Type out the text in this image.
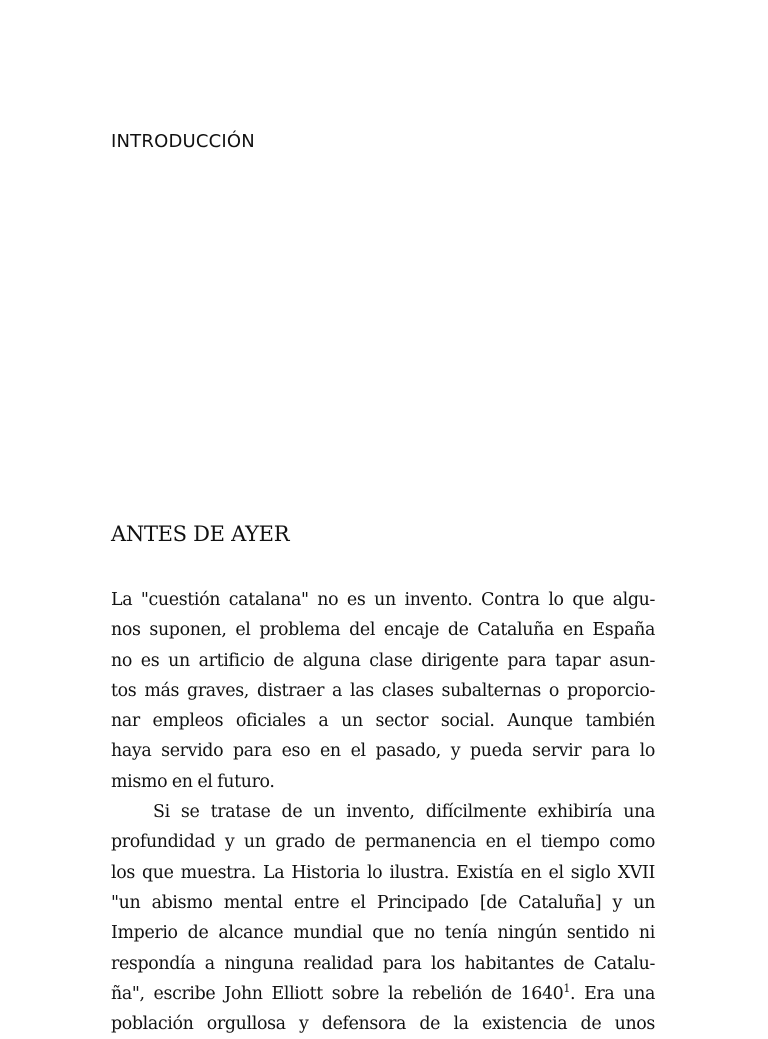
INTRODUCCIÓN
ANTES DE AYER

La "cuestión catalana" no es un invento. Contra lo que algu-
nos suponen, el problema del encaje de Cataluña en España
no es un artificio de alguna clase dirigente para tapar asun-
tos más graves, distraer a las clases subalternas o proporcio-
nar empleos oficiales a un sector social. Aunque también
haya servido para eso en el pasado, y pueda servir para lo
mismo en el futuro.

Si se tratase de un invento, difícilmente exhibiría una
profundidad y un grado de permanencia en el tiempo como
los que muestra. La Historia lo ilustra. Existía en el siglo XVII
"un abismo mental entre el Principado [de Cataluña] y un
Imperio de alcance mundial que no tenía ningún sentido ni
respondía a ninguna realidad para los habitantes de Catalu-
ña", escribe John Elliott sobre la rebelión de 1640$^1$. Era una
población orgullosa y defensora de la existencia de unos
